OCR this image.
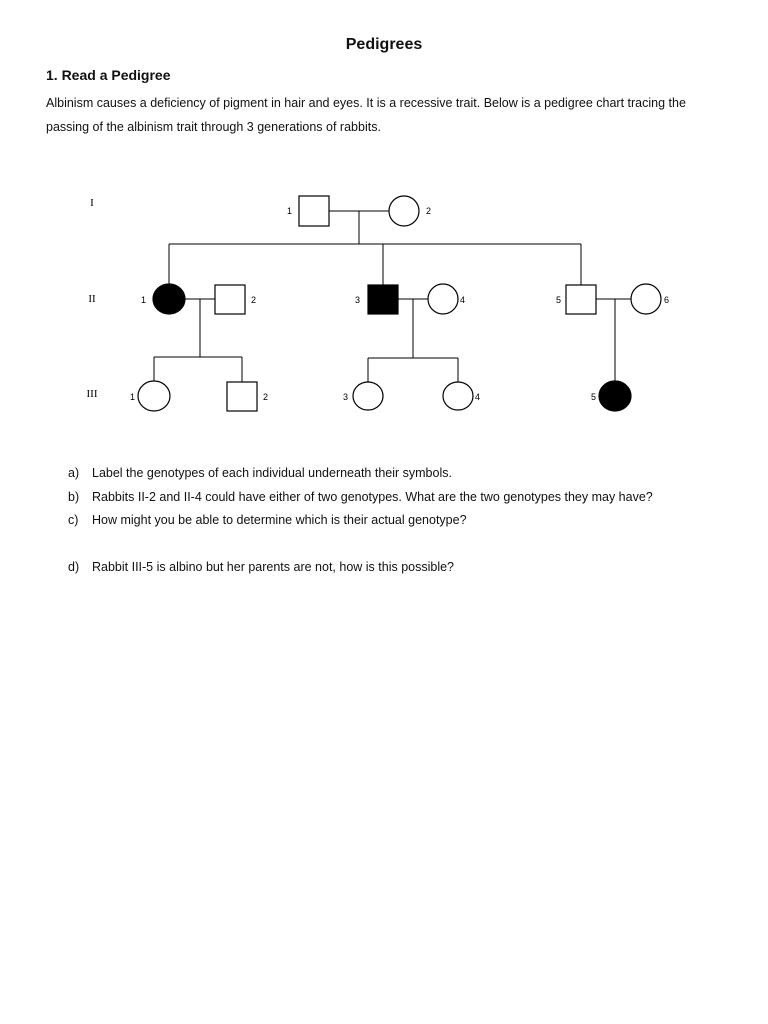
Pedigrees
1. Read a Pedigree

Albinism causes a deficiency of pigment in hair and eyes. It is a recessive trait. Below is a pedigree chart tracing the passing of the albinism trait through 3 generations of rabbits.

I
II
III
1	2
1	2	3	4	5	6
1	2	3	4	5
a) Label the genotypes of each individual underneath their symbols.
b) Rabbits II-2 and II-4 could have either of two genotypes. What are the two genotypes they may have?
c) How might you be able to determine which is their actual genotype?
d) Rabbit III-5 is albino but her parents are not, how is this possible?
